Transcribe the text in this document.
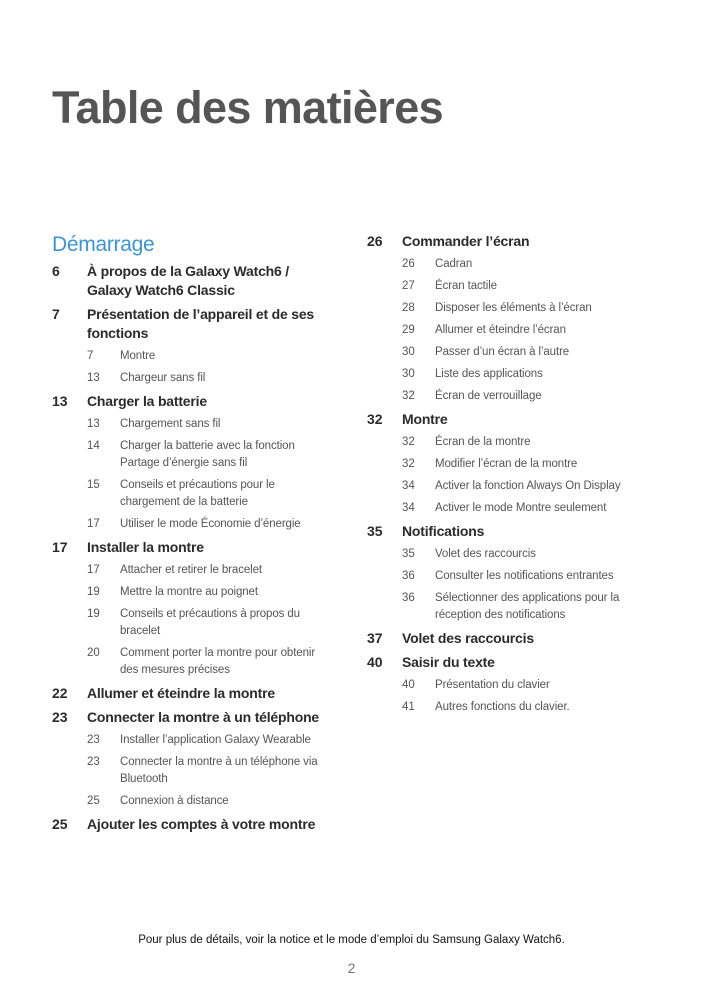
Table des matières
Démarrage
6	À propos de la Galaxy Watch6 / Galaxy Watch6 Classic
7	Présentation de l’appareil et de ses fonctions
7	Montre
13	Chargeur sans fil
13	Charger la batterie
13	Chargement sans fil
14	Charger la batterie avec la fonction Partage d’énergie sans fil
15	Conseils et précautions pour le chargement de la batterie
17	Utiliser le mode Économie d’énergie
17	Installer la montre
17	Attacher et retirer le bracelet
19	Mettre la montre au poignet
19	Conseils et précautions à propos du bracelet
20	Comment porter la montre pour obtenir des mesures précises
22	Allumer et éteindre la montre
23	Connecter la montre à un téléphone
23	Installer l’application Galaxy Wearable
23	Connecter la montre à un téléphone via Bluetooth
25	Connexion à distance
25	Ajouter les comptes à votre montre
26	Commander l’écran
26	Cadran
27	Écran tactile
28	Disposer les éléments à l’écran
29	Allumer et éteindre l’écran
30	Passer d’un écran à l’autre
30	Liste des applications
32	Écran de verrouillage
32	Montre
32	Écran de la montre
32	Modifier l’écran de la montre
34	Activer la fonction Always On Display
34	Activer le mode Montre seulement
35	Notifications
35	Volet des raccourcis
36	Consulter les notifications entrantes
36	Sélectionner des applications pour la réception des notifications
37	Volet des raccourcis
40	Saisir du texte
40	Présentation du clavier
41	Autres fonctions du clavier.
Pour plus de détails, voir la notice et le mode d’emploi du Samsung Galaxy Watch6.
2
